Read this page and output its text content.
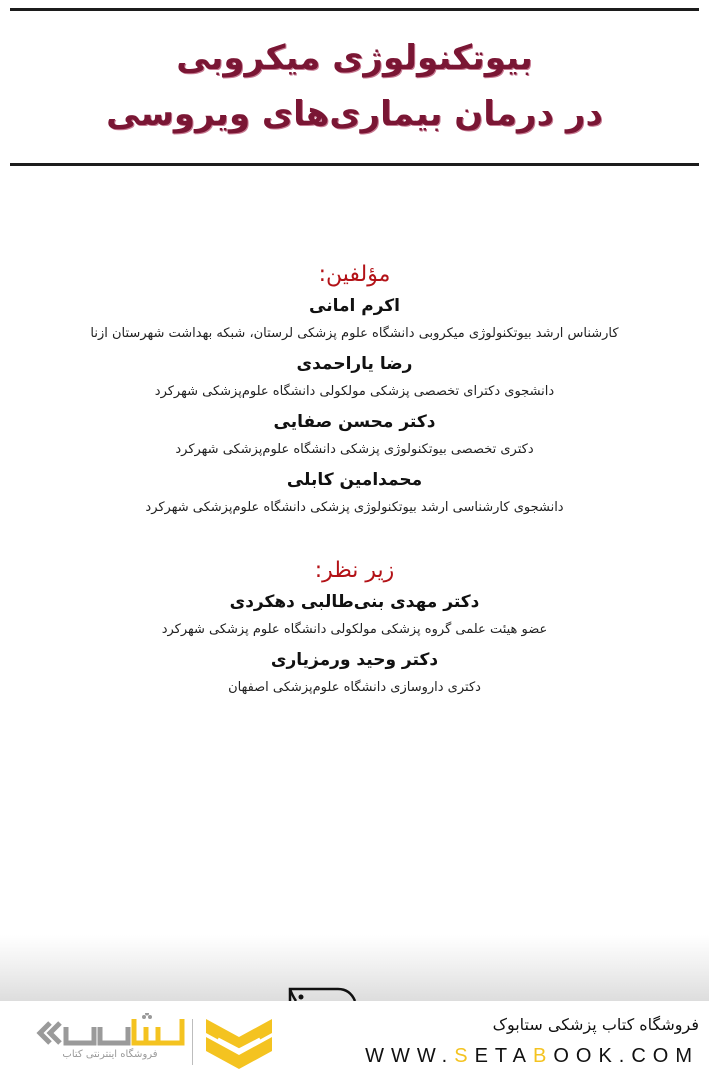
بیوتکنولوژی میکروبی
در درمان بیماری‌های ویروسی
مؤلفین:
اکرم امانی
کارشناس ارشد بیوتکنولوژی میکروبی دانشگاه علوم پزشکی لرستان، شبکه بهداشت شهرستان ازنا
رضا یاراحمدی
دانشجوی دکترای تخصصی پزشکی مولکولی دانشگاه علوم‌پزشکی شهرکرد
دکتر محسن صفایی
دکتری تخصصی بیوتکنولوژی پزشکی دانشگاه علوم‌پزشکی شهرکرد
محمدامین کابلی
دانشجوی کارشناسی ارشد بیوتکنولوژی پزشکی دانشگاه علوم‌پزشکی شهرکرد
زیر نظر:
دکتر مهدی بنی‌طالبی دهکردی
عضو هیئت علمی گروه پزشکی مولکولی دانشگاه علوم پزشکی شهرکرد
دکتر وحید ورمزیاری
دکتری داروسازی دانشگاه علوم‌پزشکی اصفهان
فروشگاه اینترنتی کتاب
فروشگاه کتاب پزشکی ستابوک
WWW.SETABOOK.COM
